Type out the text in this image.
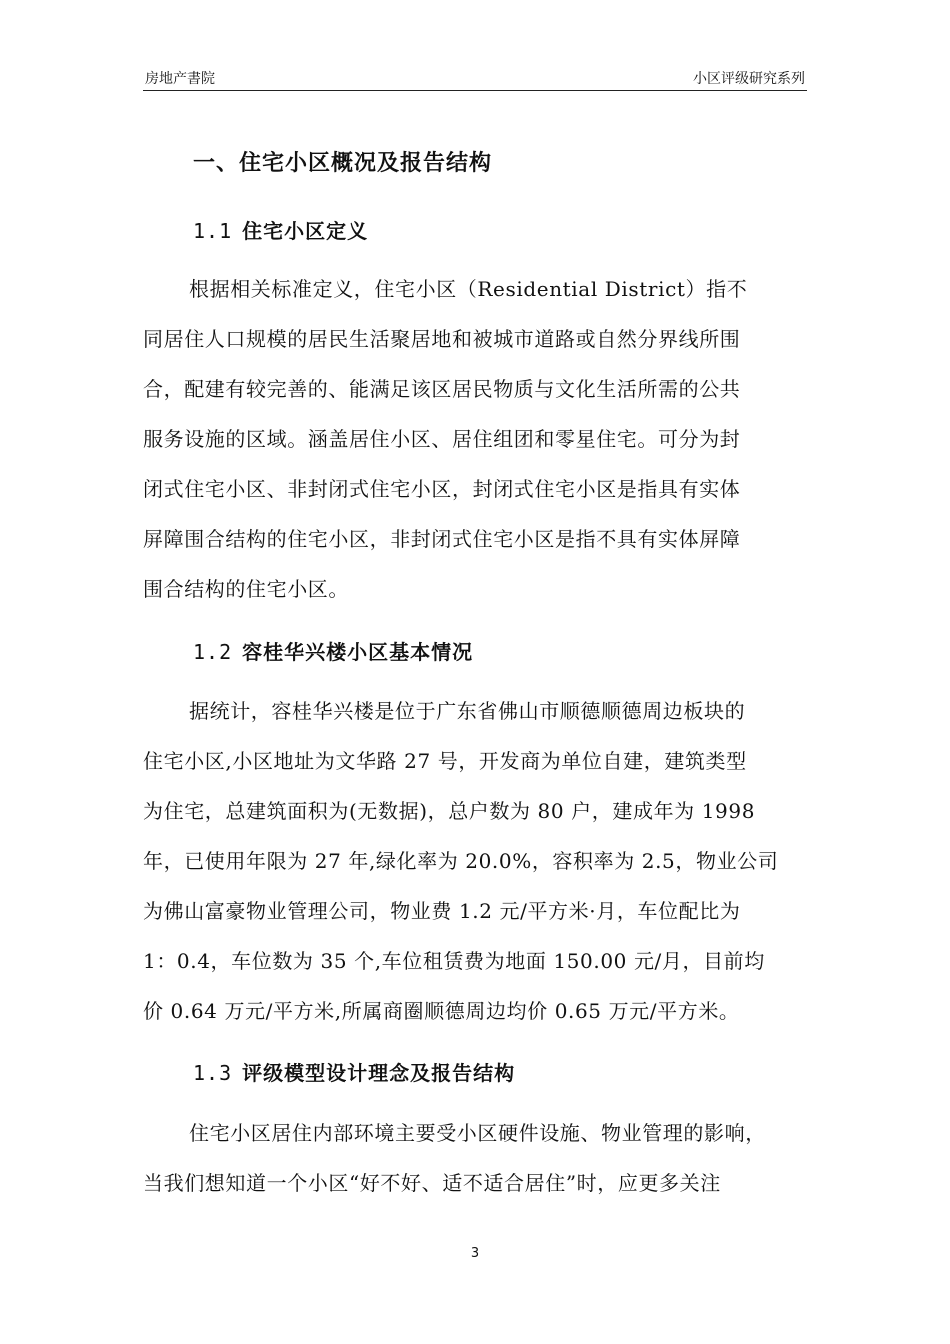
房地产書院	小区评级研究系列
一、住宅小区概况及报告结构
1.1 住宅小区定义
根据相关标准定义，住宅小区（Residential District）指不
同居住人口规模的居民生活聚居地和被城市道路或自然分界线所围
合，配建有较完善的、能满足该区居民物质与文化生活所需的公共
服务设施的区域。涵盖居住小区、居住组团和零星住宅。可分为封
闭式住宅小区、非封闭式住宅小区，封闭式住宅小区是指具有实体
屏障围合结构的住宅小区，非封闭式住宅小区是指不具有实体屏障
围合结构的住宅小区。
1.2 容桂华兴楼小区基本情况
据统计，容桂华兴楼是位于广东省佛山市顺德顺德周边板块的
住宅小区,小区地址为文华路 27 号，开发商为单位自建，建筑类型
为住宅，总建筑面积为(无数据)，总户数为 80 户，建成年为 1998
年，已使用年限为 27 年,绿化率为 20.0%，容积率为 2.5，物业公司
为佛山富豪物业管理公司，物业费 1.2 元/平方米·月，车位配比为
1：0.4，车位数为 35 个,车位租赁费为地面 150.00 元/月，目前均
价 0.64 万元/平方米,所属商圈顺德周边均价 0.65 万元/平方米。
1.3 评级模型设计理念及报告结构
住宅小区居住内部环境主要受小区硬件设施、物业管理的影响，
当我们想知道一个小区“好不好、适不适合居住”时，应更多关注
3
